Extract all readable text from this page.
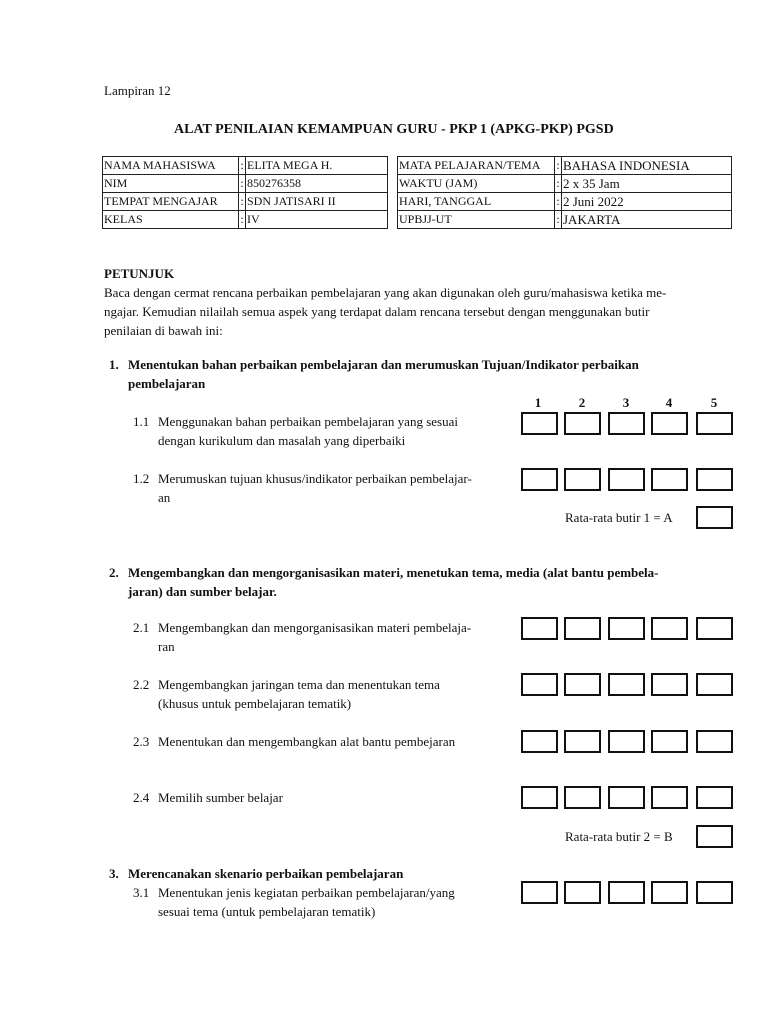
Lampiran 12
ALAT PENILAIAN KEMAMPUAN GURU - PKP 1 (APKG-PKP) PGSD
NAMA MAHASISWA	:	ELITA MEGA H.
NIM	:	850276358
TEMPAT MENGAJAR	:	SDN JATISARI II
KELAS	:	IV
MATA PELAJARAN/TEMA	:	BAHASA INDONESIA
WAKTU (JAM)	:	2 x 35 Jam
HARI, TANGGAL	:	2 Juni 2022
UPBJJ-UT	:	JAKARTA
PETUNJUK
Baca dengan cermat rencana perbaikan pembelajaran yang akan digunakan oleh guru/mahasiswa ketika me-
ngajar. Kemudian nilailah semua aspek yang terdapat dalam rencana tersebut dengan menggunakan butir
penilaian di bawah ini:
1. Menentukan bahan perbaikan pembelajaran dan merumuskan Tujuan/Indikator perbaikan
pembelajaran
1	2	3	4	5
1.1 Menggunakan bahan perbaikan pembelajaran yang sesuai
dengan kurikulum dan masalah yang diperbaiki
1.2 Merumuskan tujuan khusus/indikator perbaikan pembelajar-
an
Rata-rata butir 1 = A
2. Mengembangkan dan mengorganisasikan materi, menetukan tema, media (alat bantu pembela-
jaran) dan sumber belajar.
2.1 Mengembangkan dan mengorganisasikan materi pembelaja-
ran
2.2 Mengembangkan jaringan tema dan menentukan tema
(khusus untuk pembelajaran tematik)
2.3 Menentukan dan mengembangkan alat bantu pembejaran
2.4 Memilih sumber belajar
Rata-rata butir 2 = B
3. Merencanakan skenario perbaikan pembelajaran
3.1 Menentukan jenis kegiatan perbaikan pembelajaran/yang
sesuai tema (untuk pembelajaran tematik)
